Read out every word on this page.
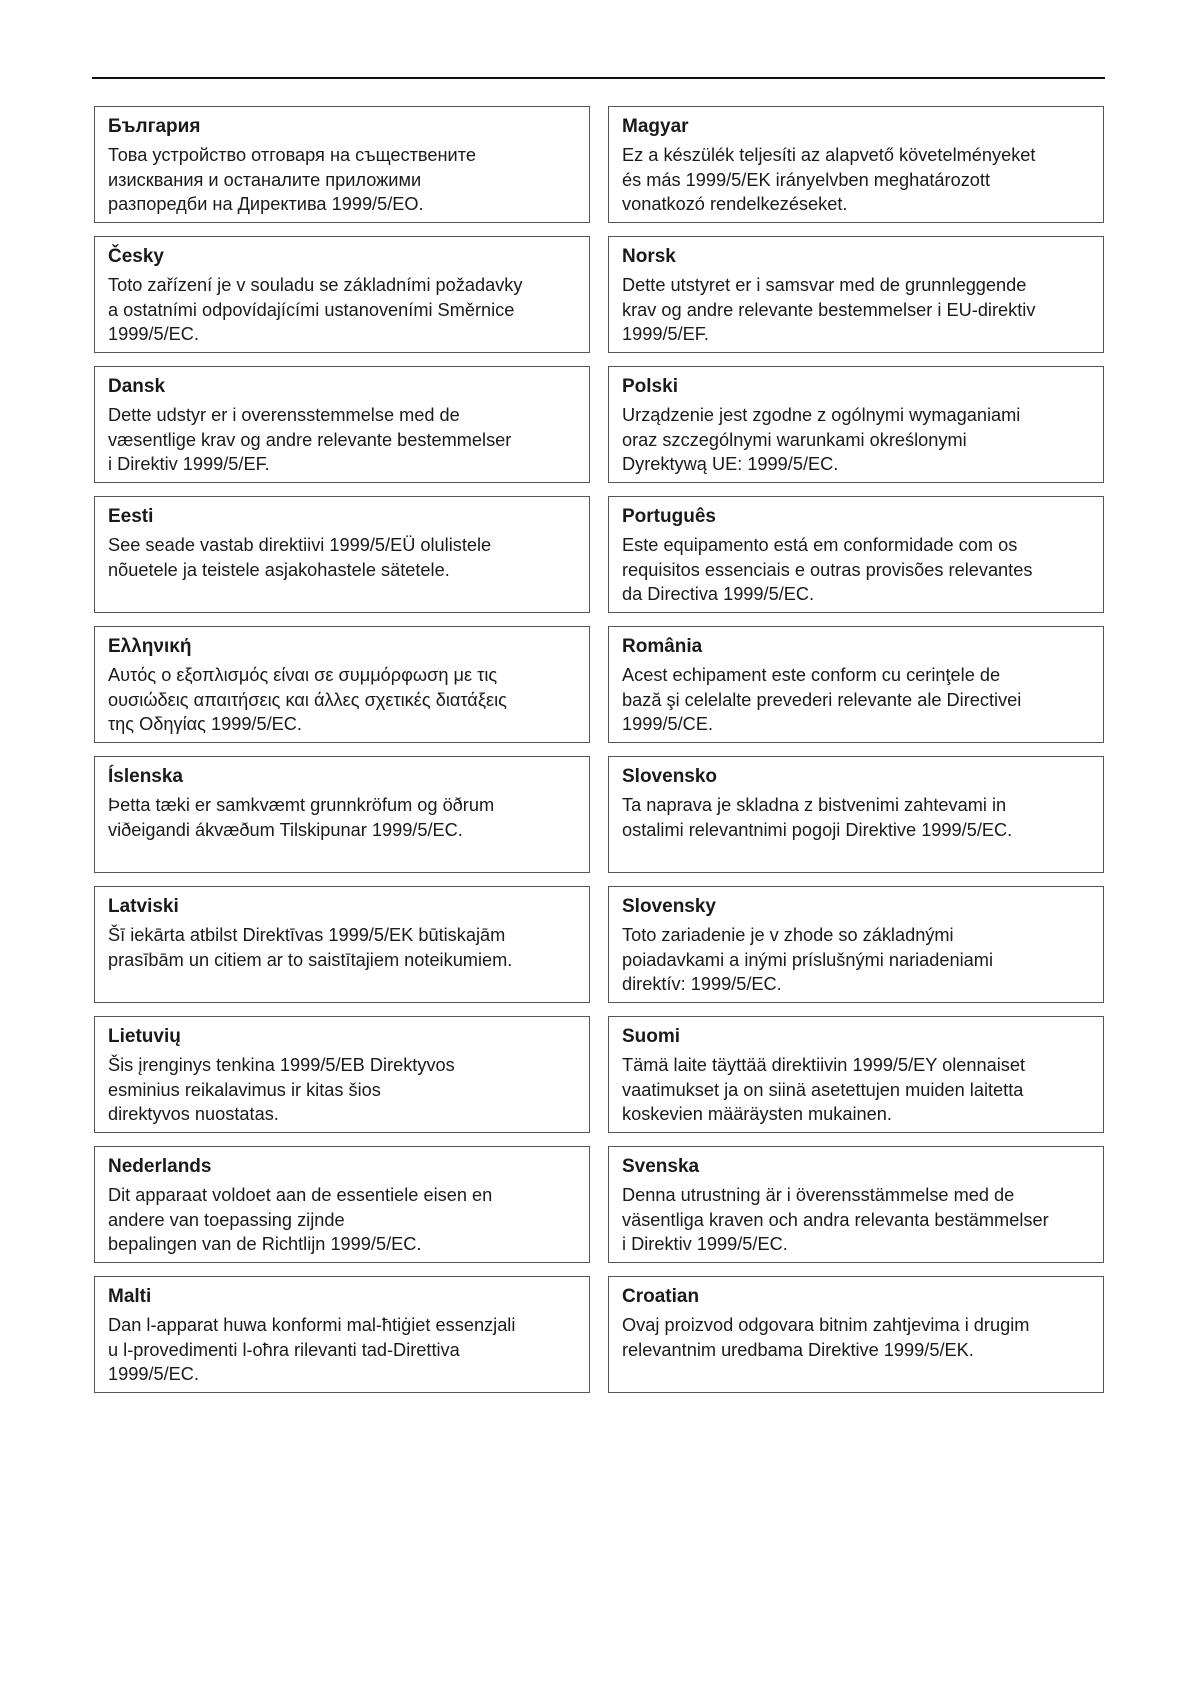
България
Това устройство отговаря на съществените
изисквания и останалите приложими
разпоредби на Директива 1999/5/EO.
Česky
Toto zařízení je v souladu se základními požadavky
a ostatními odpovídajícími ustanoveními Směrnice
1999/5/EC.
Dansk
Dette udstyr er i overensstemmelse med de
væsentlige krav og andre relevante bestemmelser
i Direktiv 1999/5/EF.
Eesti
See seade vastab direktiivi 1999/5/EÜ olulistele
nõuetele ja teistele asjakohastele sätetele.
Ελληνική
Αυτός ο εξοπλισμός είναι σε συμμόρφωση με τις
ουσιώδεις απαιτήσεις και άλλες σχετικές διατάξεις
της Οδηγίας 1999/5/EC.
Íslenska
Þetta tæki er samkvæmt grunnkröfum og öðrum
viðeigandi ákvæðum Tilskipunar 1999/5/EC.
Latviski
Šī iekārta atbilst Direktīvas 1999/5/EK būtiskajām
prasībām un citiem ar to saistītajiem noteikumiem.
Lietuvių
Šis įrenginys tenkina 1999/5/EB Direktyvos
esminius reikalavimus ir kitas šios
direktyvos nuostatas.
Nederlands
Dit apparaat voldoet aan de essentiele eisen en
andere van toepassing zijnde
bepalingen van de Richtlijn 1999/5/EC.
Malti
Dan l-apparat huwa konformi mal-ħtiġiet essenzjali
u l-provedimenti l-oħra rilevanti tad-Direttiva
1999/5/EC.
Magyar
Ez a készülék teljesíti az alapvető követelményeket
és más 1999/5/EK irányelvben meghatározott
vonatkozó rendelkezéseket.
Norsk
Dette utstyret er i samsvar med de grunnleggende
krav og andre relevante bestemmelser i EU-direktiv
1999/5/EF.
Polski
Urządzenie jest zgodne z ogólnymi wymaganiami
oraz szczególnymi warunkami określonymi
Dyrektywą UE: 1999/5/EC.
Português
Este equipamento está em conformidade com os
requisitos essenciais e outras provisões relevantes
da Directiva 1999/5/EC.
România
Acest echipament este conform cu cerinţele de
bază şi celelalte prevederi relevante ale Directivei
1999/5/CE.
Slovensko
Ta naprava je skladna z bistvenimi zahtevami in
ostalimi relevantnimi pogoji Direktive 1999/5/EC.
Slovensky
Toto zariadenie je v zhode so základnými
poiadavkami a inými príslušnými nariadeniami
direktív: 1999/5/EC.
Suomi
Tämä laite täyttää direktiivin 1999/5/EY olennaiset
vaatimukset ja on siinä asetettujen muiden laitetta
koskevien määräysten mukainen.
Svenska
Denna utrustning är i överensstämmelse med de
väsentliga kraven och andra relevanta bestämmelser
i Direktiv 1999/5/EC.
Croatian
Ovaj proizvod odgovara bitnim zahtjevima i drugim
relevantnim uredbama Direktive 1999/5/EK.
